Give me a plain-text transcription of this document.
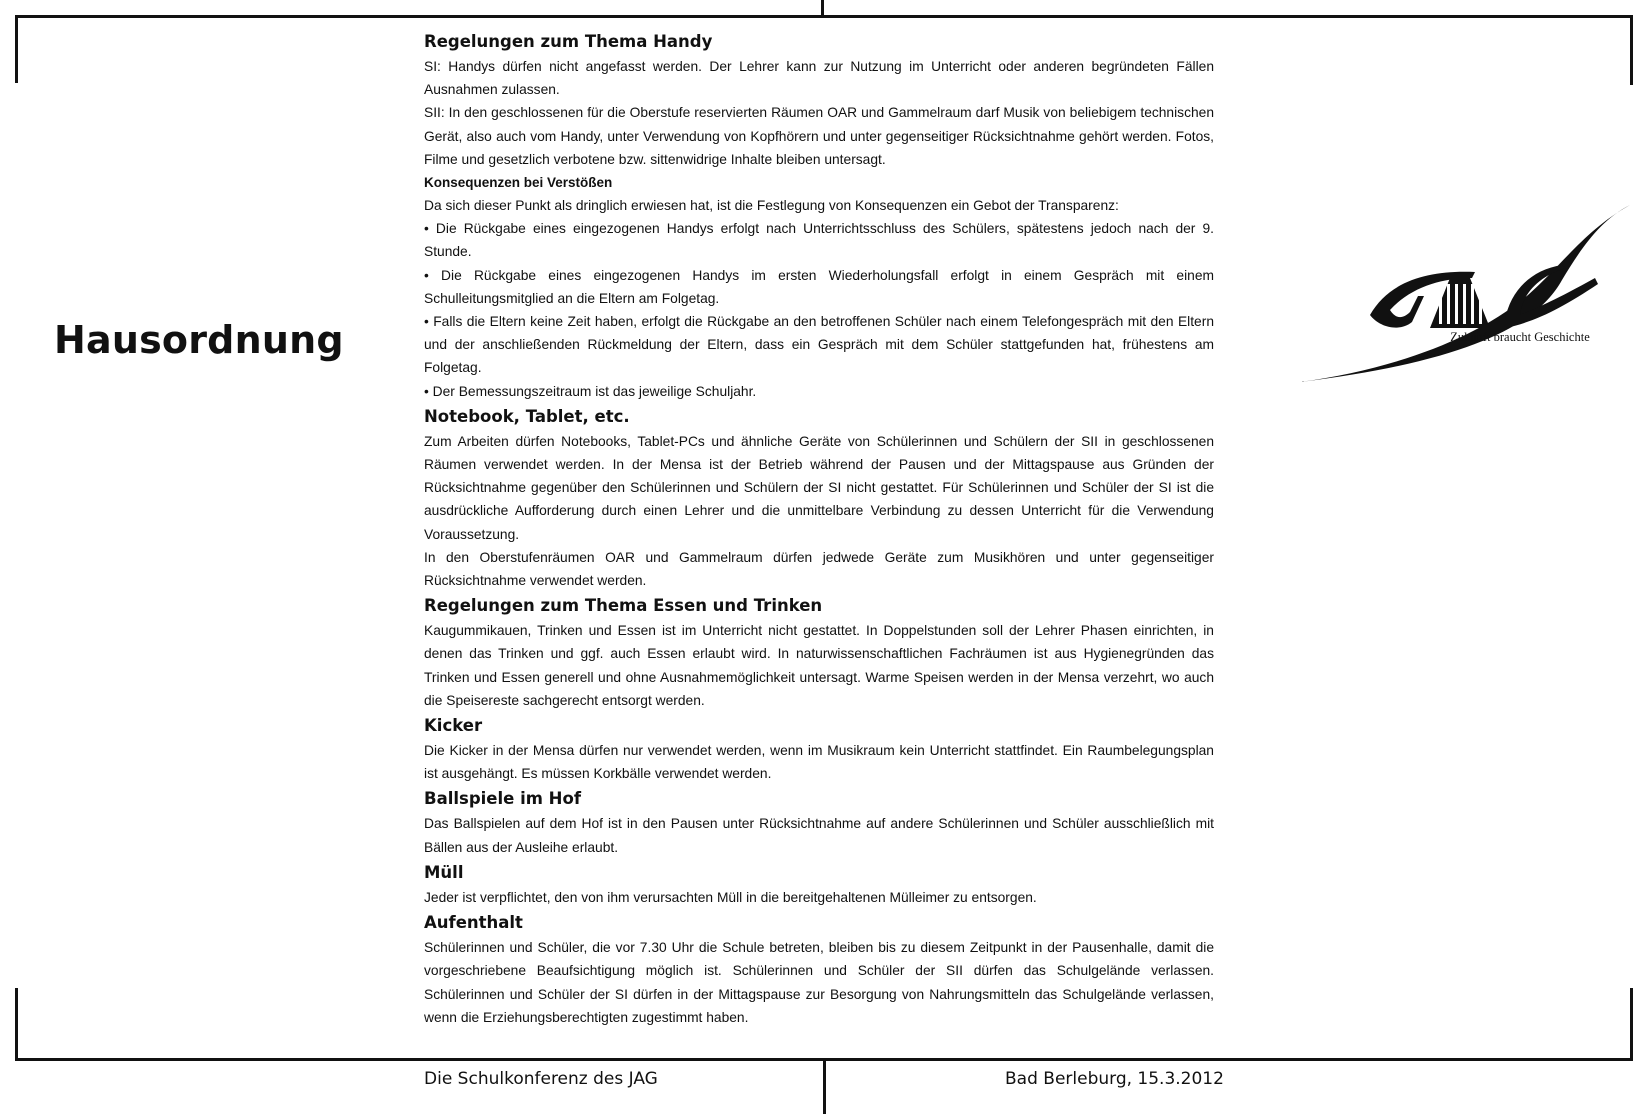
Hausordnung
Regelungen zum Thema Handy

SI: Handys dürfen nicht angefasst werden. Der Lehrer kann zur Nutzung im Unterricht oder anderen begründeten Fällen Ausnahmen zulassen.

SII: In den geschlossenen für die Oberstufe reservierten Räumen OAR und Gammelraum darf Musik von beliebigem technischen Gerät, also auch vom Handy, unter Verwendung von Kopfhörern und unter gegenseitiger Rücksichtnahme gehört werden. Fotos, Filme und gesetzlich verbotene bzw. sittenwidrige Inhalte bleiben untersagt.

Konsequenzen bei Verstößen

Da sich dieser Punkt als dringlich erwiesen hat, ist die Festlegung von Konsequenzen ein Gebot der Transparenz:

• Die Rückgabe eines eingezogenen Handys erfolgt nach Unterrichtsschluss des Schülers, spätestens jedoch nach der 9. Stunde.

• Die Rückgabe eines eingezogenen Handys im ersten Wiederholungsfall erfolgt in einem Gespräch mit einem Schulleitungsmitglied an die Eltern am Folgetag.

• Falls die Eltern keine Zeit haben, erfolgt die Rückgabe an den betroffenen Schüler nach einem Telefongespräch mit den Eltern und der anschließenden Rückmeldung der Eltern, dass ein Gespräch mit dem Schüler stattgefunden hat, frühestens am Folgetag.

• Der Bemessungszeitraum ist das jeweilige Schuljahr.

Notebook, Tablet, etc.

Zum Arbeiten dürfen Notebooks, Tablet-PCs und ähnliche Geräte von Schülerinnen und Schülern der SII in geschlossenen Räumen verwendet werden. In der Mensa ist der Betrieb während der Pausen und der Mittagspause aus Gründen der Rücksichtnahme gegenüber den Schülerinnen und Schülern der SI nicht gestattet. Für Schülerinnen und Schüler der SI ist die ausdrückliche Aufforderung durch einen Lehrer und die unmittelbare Verbindung zu dessen Unterricht für die Verwendung Voraussetzung.

In den Oberstufenräumen OAR und Gammelraum dürfen jedwede Geräte zum Musikhören und unter gegenseitiger Rücksichtnahme verwendet werden.

Regelungen zum Thema Essen und Trinken

Kaugummikauen, Trinken und Essen ist im Unterricht nicht gestattet. In Doppelstunden soll der Lehrer Phasen einrichten, in denen das Trinken und ggf. auch Essen erlaubt wird. In naturwissenschaftlichen Fachräumen ist aus Hygienegründen das Trinken und Essen generell und ohne Ausnahmemöglichkeit untersagt. Warme Speisen werden in der Mensa verzehrt, wo auch die Speisereste sachgerecht entsorgt werden.

Kicker

Die Kicker in der Mensa dürfen nur verwendet werden, wenn im Musikraum kein Unterricht stattfindet. Ein Raumbelegungsplan ist ausgehängt. Es müssen Korkbälle verwendet werden.

Ballspiele im Hof

Das Ballspielen auf dem Hof ist in den Pausen unter Rücksichtnahme auf andere Schülerinnen und Schüler ausschließlich mit Bällen aus der Ausleihe erlaubt.

Müll

Jeder ist verpflichtet, den von ihm verursachten Müll in die bereitgehaltenen Mülleimer zu entsorgen.

Aufenthalt

Schülerinnen und Schüler, die vor 7.30 Uhr die Schule betreten, bleiben bis zu diesem Zeitpunkt in der Pausenhalle, damit die vorgeschriebene Beaufsichtigung möglich ist. Schülerinnen und Schüler der SII dürfen das Schulgelände verlassen. Schülerinnen und Schüler der SI dürfen in der Mittagspause zur Besorgung von Nahrungsmitteln das Schulgelände verlassen, wenn die Erziehungsberechtigten zugestimmt haben.

Zukunft braucht Geschichte
Die Schulkonferenz des JAG	Bad Berleburg, 15.3.2012
